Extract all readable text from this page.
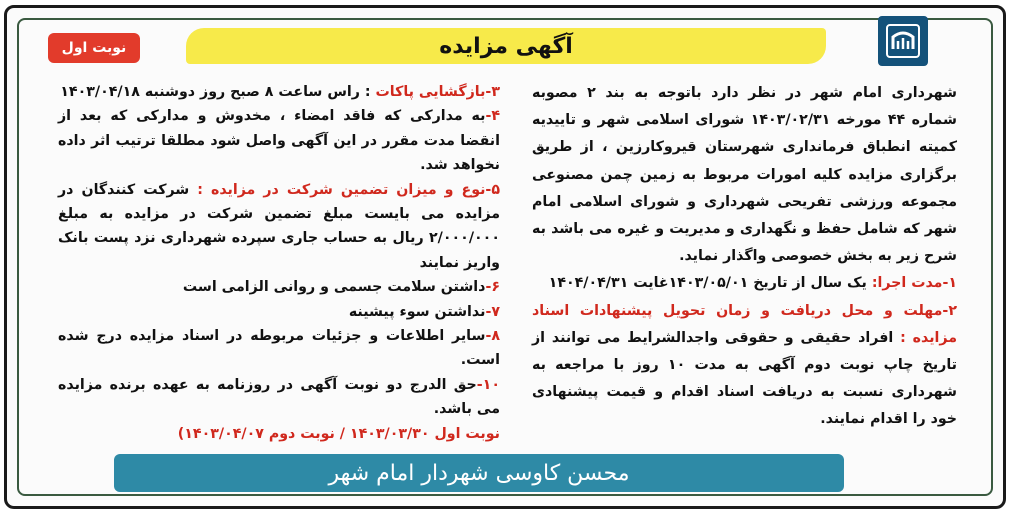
آگهی مزایده
نوبت اول

شهرداری امام شهر در نظر دارد باتوجه به بند ۲ مصوبه شماره ۴۴ مورخه ۱۴۰۳/۰۲/۳۱ شورای اسلامی شهر و تاییدیه کمیته انطباق فرمانداری شهرستان قیروکارزین ، از طریق برگزاری مزایده کلیه امورات مربوط به زمین چمن مصنوعی مجموعه ورزشی تفریحی شهرداری و شورای اسلامی امام شهر که شامل حفظ و نگهداری و مدیریت و غیره می باشد به شرح زیر به بخش خصوصی واگذار نماید.

۱-مدت اجرا: یک سال از تاریخ ۱۴۰۳/۰۵/۰۱غایت ۱۴۰۴/۰۴/۳۱

۲-مهلت و محل دریافت و زمان تحویل پیشنهادات اسناد مزایده : افراد حقیقی و حقوقی واجدالشرایط می توانند از تاریخ چاپ نوبت دوم آگهی به مدت ۱۰ روز با مراجعه به شهرداری نسبت به دریافت اسناد اقدام و قیمت پیشنهادی خود را اقدام نمایند.

۳-بازگشایی پاکات : راس ساعت ۸ صبح روز دوشنبه ۱۴۰۳/۰۴/۱۸

۴-به مدارکی که فاقد امضاء ، مخدوش و مدارکی که بعد از انقضا مدت مقرر در این آگهی واصل شود مطلقا ترتیب اثر داده نخواهد شد.

۵-نوع و میزان تضمین شرکت در مزایده : شرکت کنندگان در مزایده می بایست مبلغ تضمین شرکت در مزایده به مبلغ ۲/۰۰۰/۰۰۰ ریال به حساب جاری سپرده شهرداری نزد پست بانک واریز نمایند

۶-داشتن سلامت جسمی و روانی الزامی است

۷-نداشتن سوء پیشینه

۸-سایر اطلاعات و جزئیات مربوطه در اسناد مزایده درج شده است.

۱۰-حق الدرج دو نوبت آگهی در روزنامه به عهده برنده مزایده می باشد.

نوبت اول ۱۴۰۳/۰۳/۳۰ / نوبت دوم ۱۴۰۳/۰۴/۰۷)

محسن کاوسی شهردار امام شهر
